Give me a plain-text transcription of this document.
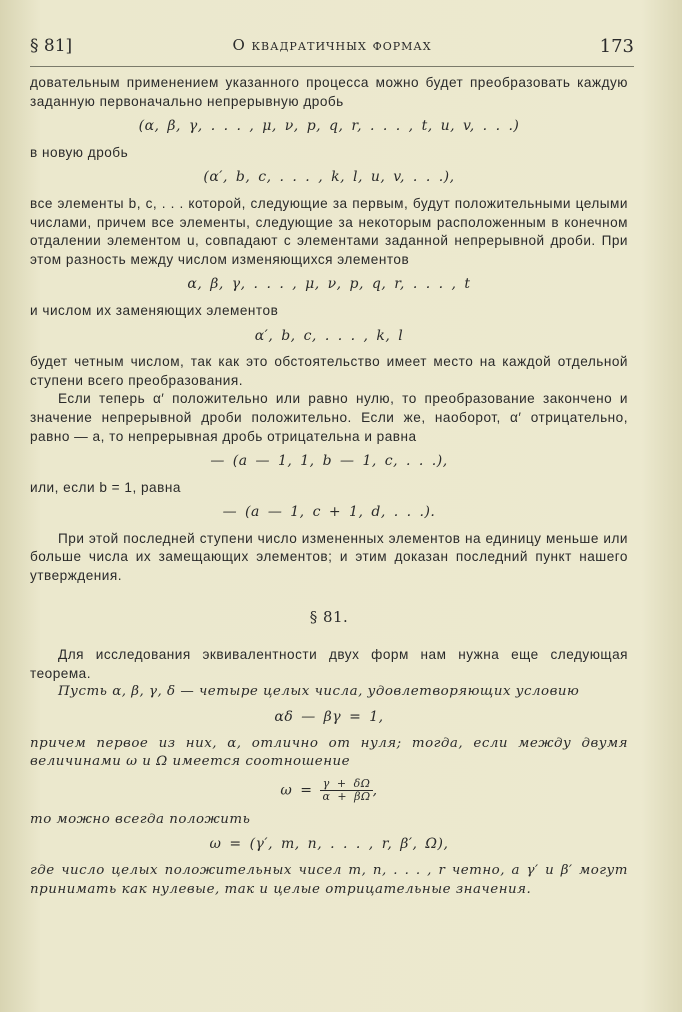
§ 81]	О квадратичных формах	173

довательным применением указанного процесса можно будет преобразовать каждую заданную первоначально непрерывную дробь

(α, β, γ, . . . , μ, ν, p, q, r, . . . , t, u, v, . . .)

в новую дробь

(α′, b, c, . . . , k, l, u, v, . . .),

все элементы b, c, . . . которой, следующие за первым, будут положительными целыми числами, причем все элементы, следующие за некоторым расположенным в конечном отдалении элементом u, совпадают с элементами заданной непрерывной дроби. При этом разность между числом изменяющихся элементов

α, β, γ, . . . , μ, ν, p, q, r, . . . , t

и числом их заменяющих элементов

α′, b, c, . . . , k, l

будет четным числом, так как это обстоятельство имеет место на каждой отдельной ступени всего преобразования.

Если теперь α′ положительно или равно нулю, то преобразование закончено и значение непрерывной дроби положительно. Если же, наоборот, α′ отрицательно, равно — a, то непрерывная дробь отрицательна и равна

— (a — 1, 1, b — 1, c, . . .),

или, если b = 1, равна

— (a — 1, c + 1, d, . . .).

При этой последней ступени число измененных элементов на единицу меньше или больше числа их замещающих элементов; и этим доказан последний пункт нашего утверждения.

§ 81.

Для исследования эквивалентности двух форм нам нужна еще следующая теорема.

Пусть α, β, γ, δ — четыре целых числа, удовлетворяющих условию

αδ — βγ = 1,

причем первое из них, α, отлично от нуля; тогда, если между двумя величинами ω и Ω имеется соотношение

$\omega = \frac{\gamma + \delta\Omega}{\alpha + \beta\Omega}$ ,

то можно всегда положить

ω = (γ′, m, n, . . . , r, β′, Ω),

где число целых положительных чисел m, n, . . . , r четно, а γ′ и β′ могут принимать как нулевые, так и целые отрицательные значения.
